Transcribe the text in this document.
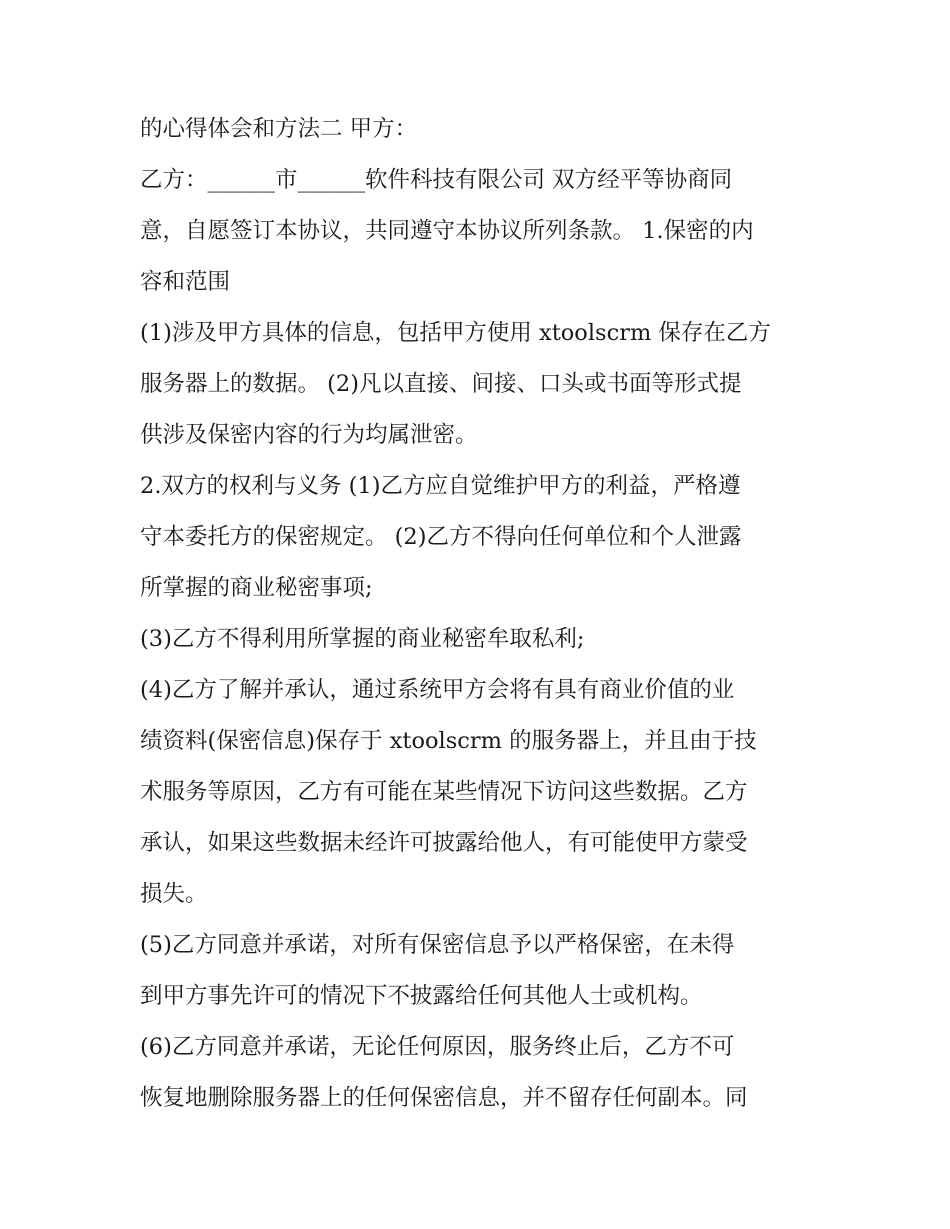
的心得体会和方法二 甲方：
乙方：______市______软件科技有限公司 双方经平等协商同
意，自愿签订本协议，共同遵守本协议所列条款。 1.保密的内
容和范围
(1)涉及甲方具体的信息，包括甲方使用 xtoolscrm 保存在乙方
服务器上的数据。 (2)凡以直接、间接、口头或书面等形式提
供涉及保密内容的行为均属泄密。
2.双方的权利与义务 (1)乙方应自觉维护甲方的利益，严格遵
守本委托方的保密规定。 (2)乙方不得向任何单位和个人泄露
所掌握的商业秘密事项;
(3)乙方不得利用所掌握的商业秘密牟取私利;
(4)乙方了解并承认，通过系统甲方会将有具有商业价值的业
绩资料(保密信息)保存于 xtoolscrm 的服务器上，并且由于技
术服务等原因，乙方有可能在某些情况下访问这些数据。乙方
承认，如果这些数据未经许可披露给他人，有可能使甲方蒙受
损失。
(5)乙方同意并承诺，对所有保密信息予以严格保密，在未得
到甲方事先许可的情况下不披露给任何其他人士或机构。
(6)乙方同意并承诺，无论任何原因，服务终止后，乙方不可
恢复地删除服务器上的任何保密信息，并不留存任何副本。同
